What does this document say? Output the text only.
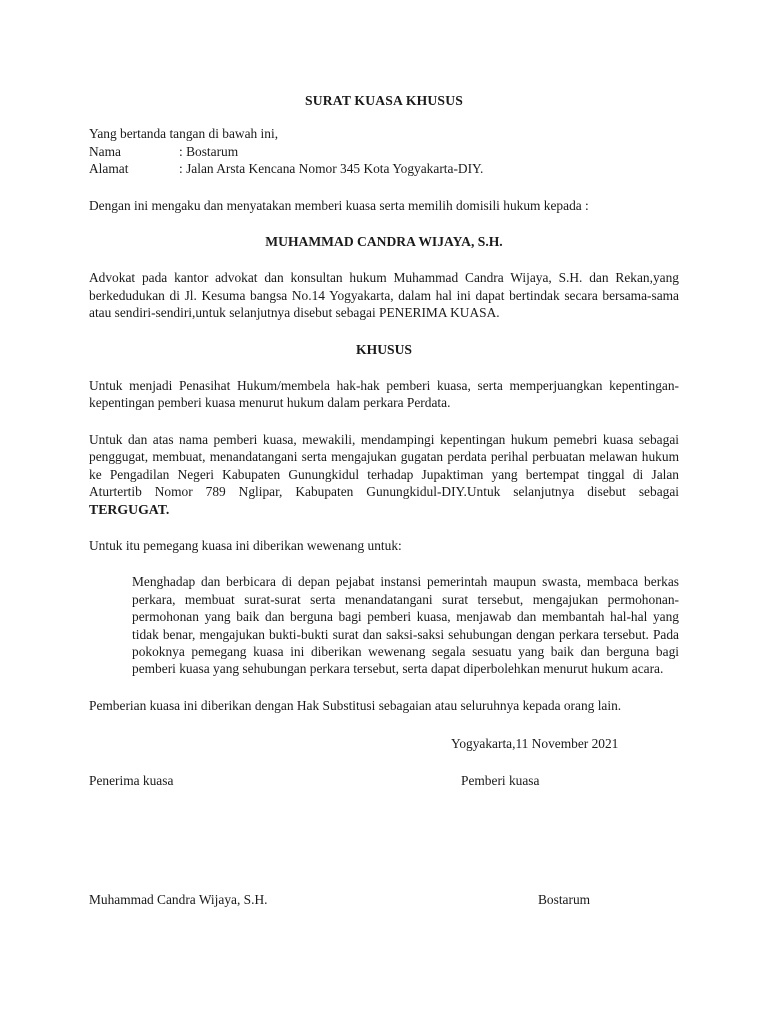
SURAT KUASA KHUSUS

Yang bertanda tangan di bawah ini,

Nama	: Bostarum
Alamat	: Jalan Arsta Kencana Nomor 345 Kota Yogyakarta-DIY.

Dengan ini mengaku dan menyatakan memberi kuasa serta memilih domisili hukum kepada :

MUHAMMAD CANDRA WIJAYA, S.H.

Advokat pada kantor advokat dan konsultan hukum Muhammad Candra Wijaya, S.H. dan Rekan,yang berkedudukan di Jl. Kesuma bangsa No.14 Yogyakarta, dalam hal ini dapat bertindak secara bersama-sama atau sendiri-sendiri,untuk selanjutnya disebut sebagai PENERIMA KUASA.

KHUSUS

Untuk menjadi Penasihat Hukum/membela hak-hak pemberi kuasa, serta memperjuangkan kepentingan-kepentingan pemberi kuasa menurut hukum dalam perkara Perdata.

Untuk dan atas nama pemberi kuasa, mewakili, mendampingi kepentingan hukum pemebri kuasa sebagai penggugat, membuat, menandatangani serta mengajukan gugatan perdata perihal perbuatan melawan hukum ke Pengadilan Negeri Kabupaten Gunungkidul terhadap Jupaktiman yang bertempat tinggal di Jalan Aturtertib Nomor 789 Nglipar, Kabupaten Gunungkidul-DIY.Untuk selanjutnya disebut sebagai TERGUGAT.

Untuk itu pemegang kuasa ini diberikan wewenang untuk:

Menghadap dan berbicara di depan pejabat instansi pemerintah maupun swasta, membaca berkas perkara, membuat surat-surat serta menandatangani surat tersebut, mengajukan permohonan-permohonan yang baik dan berguna bagi pemberi kuasa, menjawab dan membantah hal-hal yang tidak benar, mengajukan bukti-bukti surat dan saksi-saksi sehubungan dengan perkara tersebut. Pada pokoknya pemegang kuasa ini diberikan wewenang segala sesuatu yang baik dan berguna bagi pemberi kuasa yang sehubungan perkara tersebut, serta dapat diperbolehkan menurut hukum acara.

Pemberian kuasa ini diberikan dengan Hak Substitusi sebagaian atau seluruhnya kepada orang lain.

Yogyakarta,11 November 2021

Penerima kuasa	Pemberi kuasa
Muhammad Candra Wijaya, S.H.	Bostarum
